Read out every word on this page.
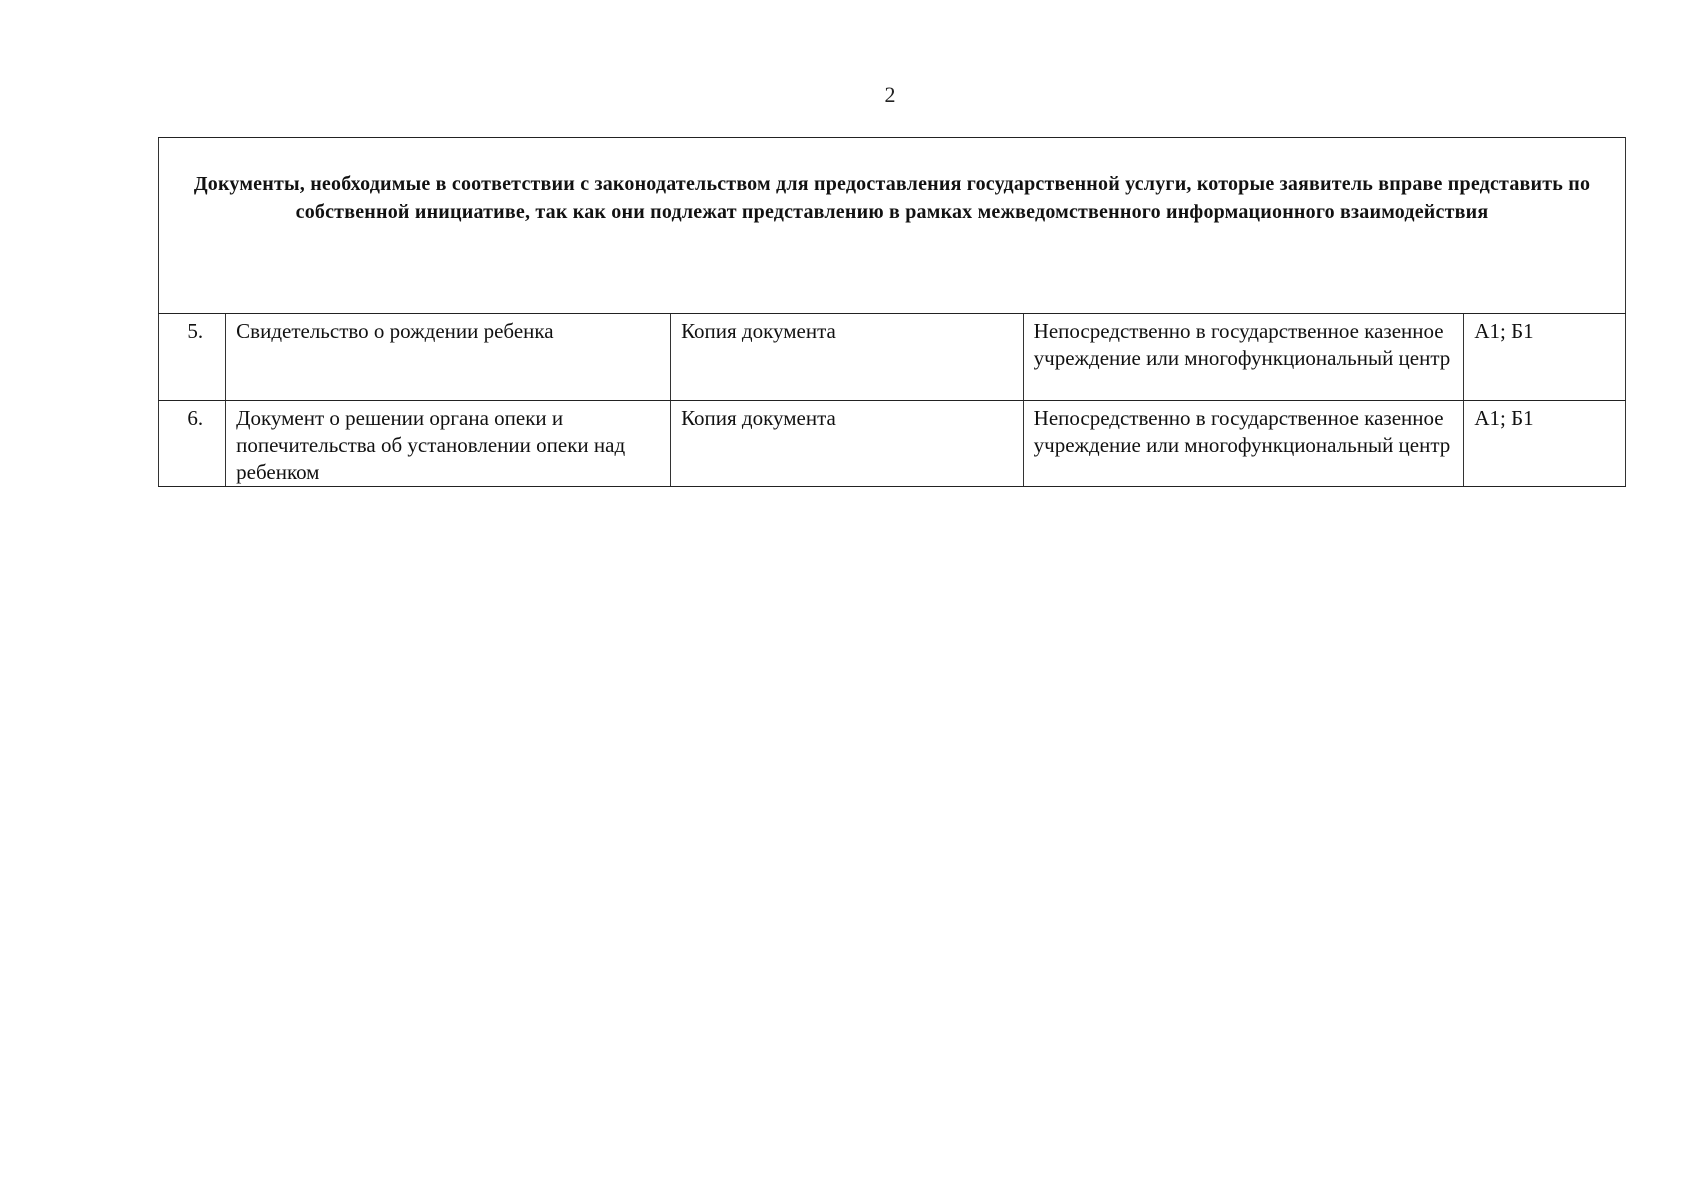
2
Документы, необходимые в соответствии с законодательством для предоставления государственной услуги, которые заявитель вправе представить по собственной инициативе, так как они подлежат представлению в рамках межведомственного информационного взаимодействия				
5.	Свидетельство о рождении ребенка	Копия документа	Непосредственно в государственное казенное учреждение или многофункциональный центр	А1; Б1
6.	Документ о решении органа опеки и попечительства об установлении опеки над ребенком	Копия документа	Непосредственно в государственное казенное учреждение или многофункциональный центр	А1; Б1
